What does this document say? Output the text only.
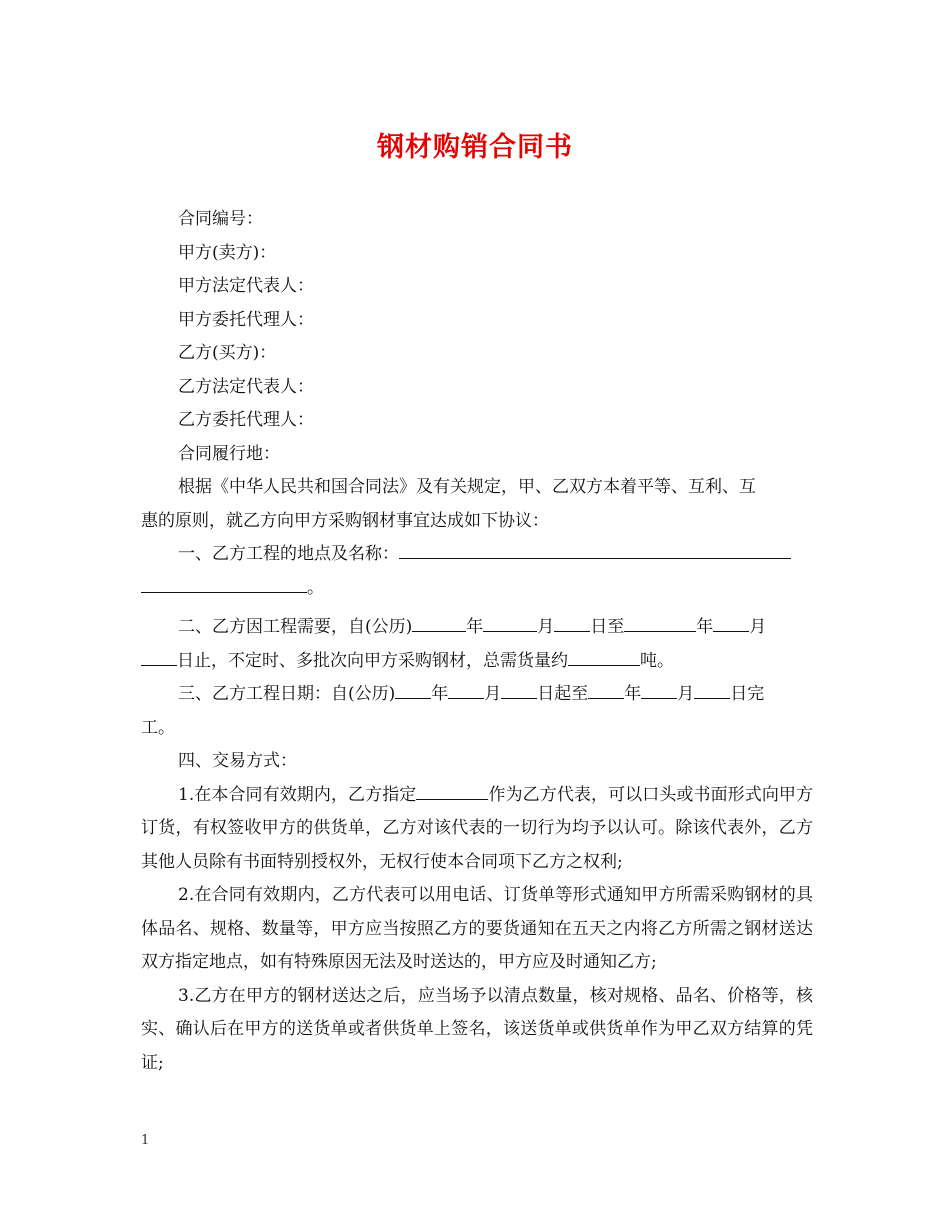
钢材购销合同书

合同编号：

甲方(卖方)：

甲方法定代表人：

甲方委托代理人：

乙方(买方)：

乙方法定代表人：

乙方委托代理人：

合同履行地：

根据《中华人民共和国合同法》及有关规定，甲、乙双方本着平等、互利、互

惠的原则，就乙方向甲方采购钢材事宜达成如下协议：

一、乙方工程的地点及名称：

。

二、乙方因工程需要，自(公历)	年	月 日至	年 月

日止，不定时、多批次向甲方采购钢材，总需货量约	吨。

三、乙方工程日期：自(公历) 年 月 日起至 年 月 日完

工。

四、交易方式：

1.在本合同有效期内，乙方指定	作为乙方代表，可以口头或书面形式向甲方订货，有权签收甲方的供货单，乙方对该代表的一切行为均予以认可。除该代表外，乙方其他人员除有书面特别授权外，无权行使本合同项下乙方之权利;

2.在合同有效期内，乙方代表可以用电话、订货单等形式通知甲方所需采购钢材的具体品名、规格、数量等，甲方应当按照乙方的要货通知在五天之内将乙方所需之钢材送达双方指定地点，如有特殊原因无法及时送达的，甲方应及时通知乙方;

3.乙方在甲方的钢材送达之后，应当场予以清点数量，核对规格、品名、价格等，核实、确认后在甲方的送货单或者供货单上签名，该送货单或供货单作为甲乙双方结算的凭证;

1
